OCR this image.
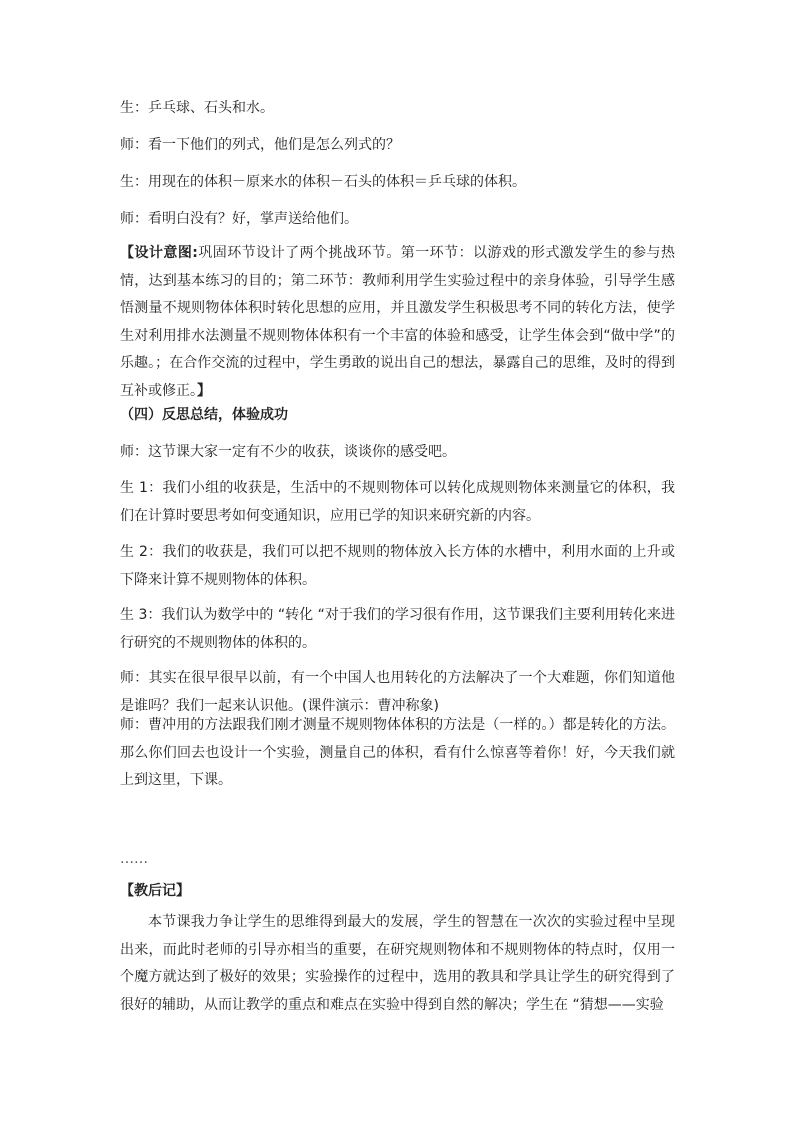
生：乒乓球、石头和水。
师：看一下他们的列式，他们是怎么列式的？
生：用现在的体积－原来水的体积－石头的体积＝乒乓球的体积。
师：看明白没有？好，掌声送给他们。
【设计意图:巩固环节设计了两个挑战环节。第一环节：以游戏的形式激发学生的参与热情，达到基本练习的目的；第二环节：教师利用学生实验过程中的亲身体验，引导学生感悟测量不规则物体体积时转化思想的应用，并且激发学生积极思考不同的转化方法，使学生对利用排水法测量不规则物体体积有一个丰富的体验和感受，让学生体会到“做中学”的乐趣。；在合作交流的过程中，学生勇敢的说出自己的想法，暴露自己的思维，及时的得到互补或修正。】
（四）反思总结，体验成功
师：这节课大家一定有不少的收获，谈谈你的感受吧。
生 1：我们小组的收获是，生活中的不规则物体可以转化成规则物体来测量它的体积，我们在计算时要思考如何变通知识，应用已学的知识来研究新的内容。
生 2：我们的收获是，我们可以把不规则的物体放入长方体的水槽中，利用水面的上升或下降来计算不规则物体的体积。
生 3：我们认为数学中的 “转化 “对于我们的学习很有作用，这节课我们主要利用转化来进行研究的不规则物体的体积的。
师：其实在很早很早以前，有一个中国人也用转化的方法解决了一个大难题，你们知道他是谁吗？我们一起来认识他。(课件演示：曹冲称象)
师：曹冲用的方法跟我们刚才测量不规则物体体积的方法是（一样的。）都是转化的方法。那么你们回去也设计一个实验，测量自己的体积，看有什么惊喜等着你！好，今天我们就上到这里，下课。
……
【教后记】
本节课我力争让学生的思维得到最大的发展，学生的智慧在一次次的实验过程中呈现出来，而此时老师的引导亦相当的重要，在研究规则物体和不规则物体的特点时，仅用一个魔方就达到了极好的效果；实验操作的过程中，选用的教具和学具让学生的研究得到了很好的辅助，从而让教学的重点和难点在实验中得到自然的解决；学生在 “猜想——实验
